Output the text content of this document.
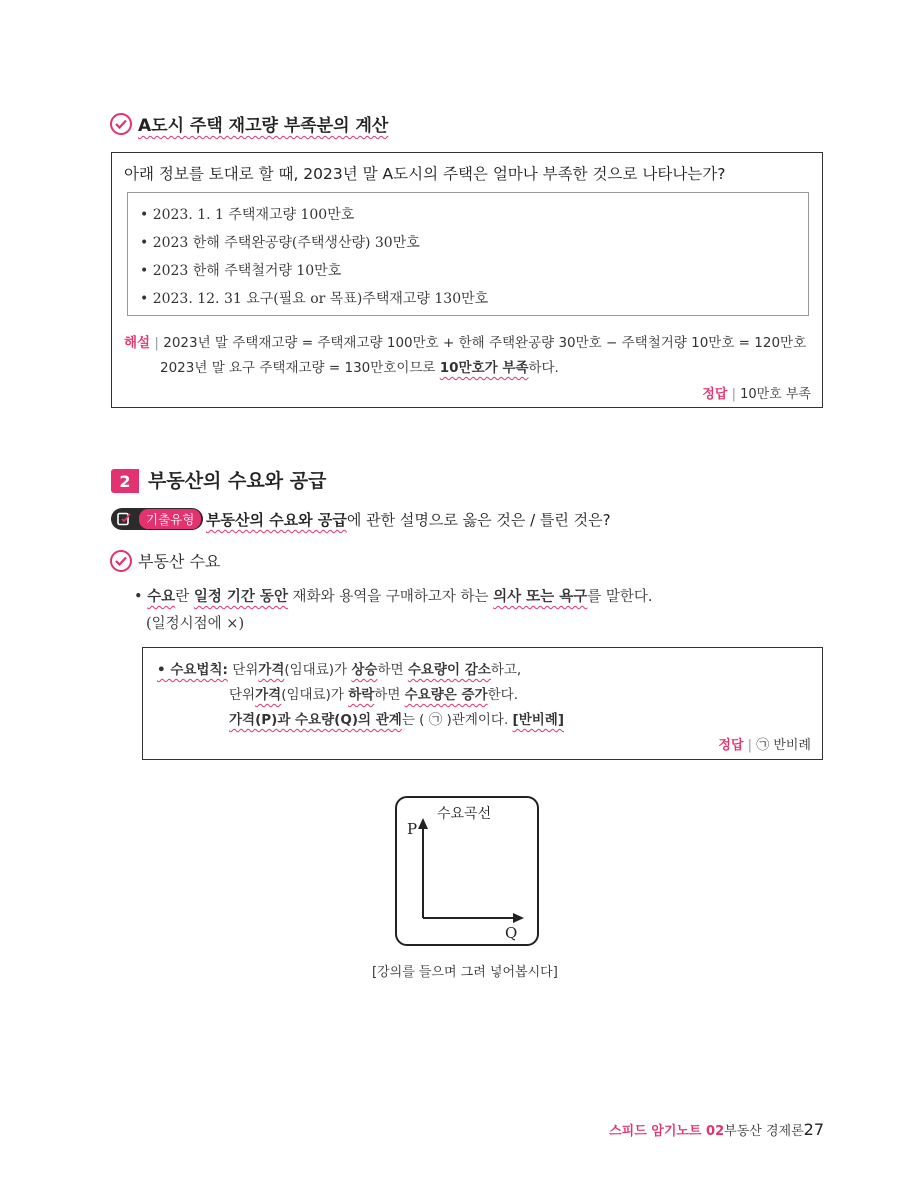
A도시 주택 재고량 부족분의 계산
아래 정보를 토대로 할 때, 2023년 말 A도시의 주택은 얼마나 부족한 것으로 나타나는가?
• 2023. 1. 1 주택재고량 100만호
• 2023 한해 주택완공량(주택생산량) 30만호
• 2023 한해 주택철거량 10만호
• 2023. 12. 31 요구(필요 or 목표)주택재고량 130만호
해설 | 2023년 말 주택재고량 = 주택재고량 100만호 + 한해 주택완공량 30만호 − 주택철거량 10만호 = 120만호
2023년 말 요구 주택재고량 = 130만호이므로 10만호가 부족하다.
정답 | 10만호 부족
2 부동산의 수요와 공급
기출유형 부동산의 수요와 공급에 관한 설명으로 옳은 것은 / 틀린 것은?
부동산 수요
• 수요란 일정 기간 동안 재화와 용역을 구매하고자 하는 의사 또는 욕구를 말한다.
(일정시점에 ×)
• 수요법칙: 단위가격(임대료)가 상승하면 수요량이 감소하고,
단위가격(임대료)가 하락하면 수요량은 증가한다.
가격(P)과 수요량(Q)의 관계는 ( ㉠ )관계이다. [반비례]
정답 | ㉠ 반비례
수요곡선
P
Q
[강의를 들으며 그려 넣어봅시다]
스피드 암기노트 02 부동산 경제론 27
